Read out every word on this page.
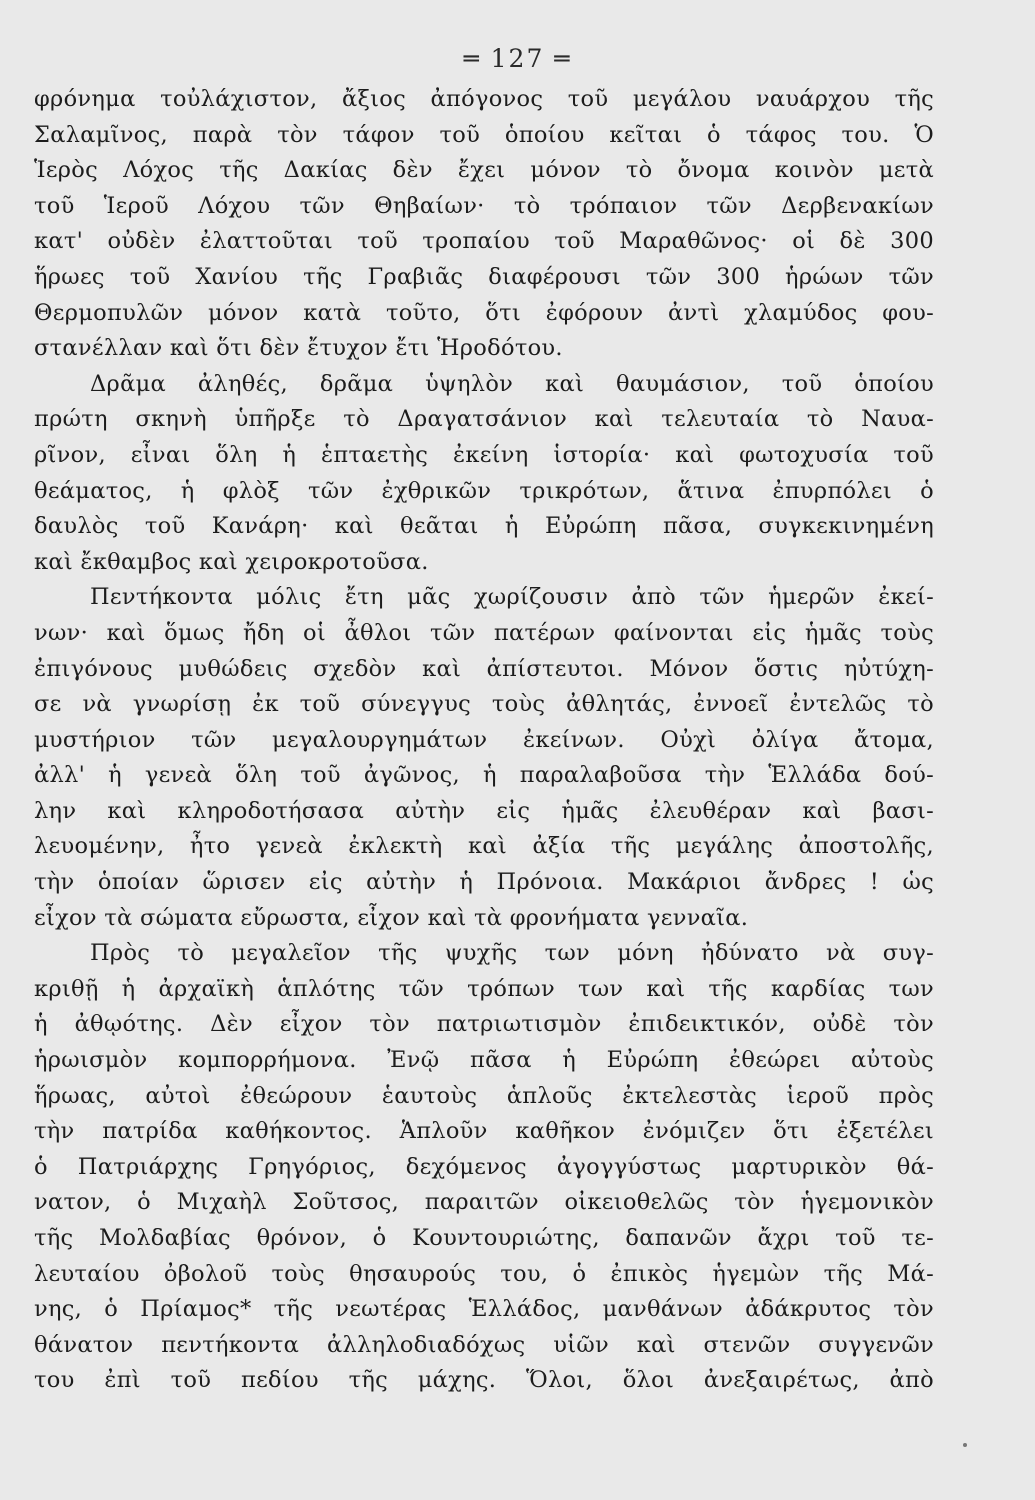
═ 127 ═
φρόνημα τοὐλάχιστον, ἄξιος ἀπόγονος τοῦ μεγάλου ναυάρχου τῆς
Σαλαμῖνος, παρὰ τὸν τάφον τοῦ ὁποίου κεῖται ὁ τάφος του. Ὁ
Ἱερὸς Λόχος τῆς Δακίας δὲν ἔχει μόνον τὸ ὄνομα κοινὸν μετὰ
τοῦ Ἱεροῦ Λόχου τῶν Θηβαίων· τὸ τρόπαιον τῶν Δερβενακίων
κατ' οὐδὲν ἐλαττοῦται τοῦ τροπαίου τοῦ Μαραθῶνος· οἱ δὲ 300
ἥρωες τοῦ Χανίου τῆς Γραβιᾶς διαφέρουσι τῶν 300 ἡρώων τῶν
Θερμοπυλῶν μόνον κατὰ τοῦτο, ὅτι ἐφόρουν ἀντὶ χλαμύδος φου-
στανέλλαν καὶ ὅτι δὲν ἔτυχον ἔτι Ἡροδότου.
Δρᾶμα ἀληθές, δρᾶμα ὑψηλὸν καὶ θαυμάσιον, τοῦ ὁποίου
πρώτη σκηνὴ ὑπῆρξε τὸ Δραγατσάνιον καὶ τελευταία τὸ Ναυα-
ρῖνον, εἶναι ὅλη ἡ ἑπταετὴς ἐκείνη ἱστορία· καὶ φωτοχυσία τοῦ
θεάματος, ἡ φλὸξ τῶν ἐχθρικῶν τρικρότων, ἅτινα ἐπυρπόλει ὁ
δαυλὸς τοῦ Κανάρη· καὶ θεᾶται ἡ Εὐρώπη πᾶσα, συγκεκινημένη
καὶ ἔκθαμβος καὶ χειροκροτοῦσα.
Πεντήκοντα μόλις ἔτη μᾶς χωρίζουσιν ἀπὸ τῶν ἡμερῶν ἐκεί-
νων· καὶ ὅμως ἤδη οἱ ἆθλοι τῶν πατέρων φαίνονται εἰς ἡμᾶς τοὺς
ἐπιγόνους μυθώδεις σχεδὸν καὶ ἀπίστευτοι. Μόνον ὅστις ηὐτύχη-
σε νὰ γνωρίσῃ ἐκ τοῦ σύνεγγυς τοὺς ἀθλητάς, ἐννοεῖ ἐντελῶς τὸ
μυστήριον τῶν μεγαλουργημάτων ἐκείνων. Οὐχὶ ὀλίγα ἄτομα,
ἀλλ' ἡ γενεὰ ὅλη τοῦ ἀγῶνος, ἡ παραλαβοῦσα τὴν Ἑλλάδα δού-
λην καὶ κληροδοτήσασα αὐτὴν εἰς ἡμᾶς ἐλευθέραν καὶ βασι-
λευομένην, ἦτο γενεὰ ἐκλεκτὴ καὶ ἀξία τῆς μεγάλης ἀποστολῆς,
τὴν ὁποίαν ὥρισεν εἰς αὐτὴν ἡ Πρόνοια. Μακάριοι ἄνδρες ! ὡς
εἶχον τὰ σώματα εὔρωστα, εἶχον καὶ τὰ φρονήματα γενναῖα.
Πρὸς τὸ μεγαλεῖον τῆς ψυχῆς των μόνη ἠδύνατο νὰ συγ-
κριθῇ ἡ ἀρχαϊκὴ ἁπλότης τῶν τρόπων των καὶ τῆς καρδίας των
ἡ ἀθῳότης. Δὲν εἶχον τὸν πατριωτισμὸν ἐπιδεικτικόν, οὐδὲ τὸν
ἡρωισμὸν κομπορρήμονα. Ἐνῷ πᾶσα ἡ Εὐρώπη ἐθεώρει αὐτοὺς
ἥρωας, αὐτοὶ ἐθεώρουν ἑαυτοὺς ἁπλοῦς ἐκτελεστὰς ἱεροῦ πρὸς
τὴν πατρίδα καθήκοντος. Ἁπλοῦν καθῆκον ἐνόμιζεν ὅτι ἐξετέλει
ὁ Πατριάρχης Γρηγόριος, δεχόμενος ἀγογγύστως μαρτυρικὸν θά-
νατον, ὁ Μιχαὴλ Σοῦτσος, παραιτῶν οἰκειοθελῶς τὸν ἡγεμονικὸν
τῆς Μολδαβίας θρόνον, ὁ Κουντουριώτης, δαπανῶν ἄχρι τοῦ τε-
λευταίου ὀβολοῦ τοὺς θησαυρούς του, ὁ ἐπικὸς ἡγεμὼν τῆς Μά-
νης, ὁ Πρίαμος* τῆς νεωτέρας Ἑλλάδος, μανθάνων ἀδάκρυτος τὸν
θάνατον πεντήκοντα ἀλληλοδιαδόχως υἱῶν καὶ στενῶν συγγενῶν
του ἐπὶ τοῦ πεδίου τῆς μάχης. Ὅλοι, ὅλοι ἀνεξαιρέτως, ἀπὸ
